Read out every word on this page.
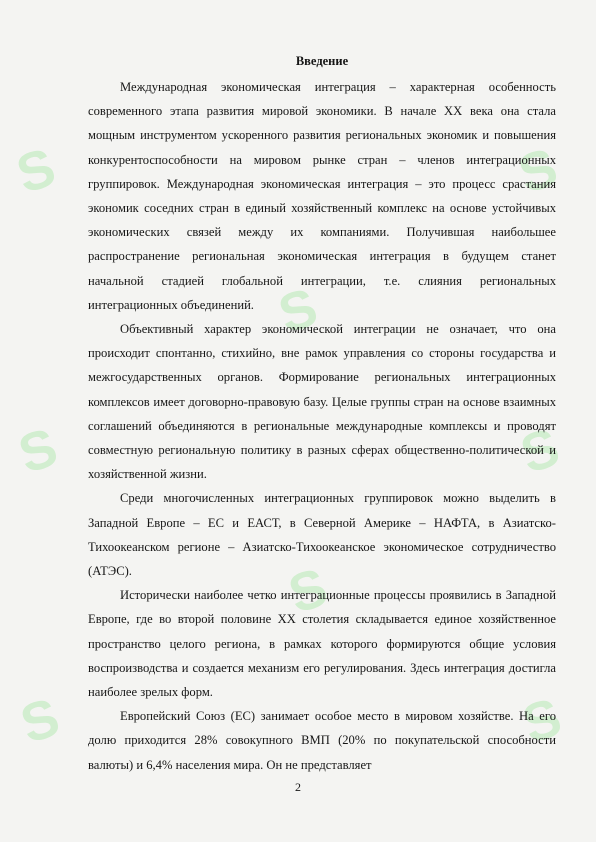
Ѕ
Ѕ
Ѕ
Ѕ
Ѕ
Ѕ
Ѕ
Ѕ

Введение

Международная экономическая интеграция – характерная особенность современного этапа развития мировой экономики. В начале XX века она стала мощным инструментом ускоренного развития региональных экономик и повышения конкурентоспособности на мировом рынке стран – членов интеграционных группировок. Международная экономическая интеграция – это процесс срастания экономик соседних стран в единый хозяйственный комплекс на основе устойчивых экономических связей между их компаниями. Получившая наибольшее распространение региональная экономическая интеграция в будущем станет начальной стадией глобальной интеграции, т.е. слияния региональных интеграционных объединений.

Объективный характер экономической интеграции не означает, что она происходит спонтанно, стихийно, вне рамок управления со стороны государства и межгосударственных органов. Формирование региональных интеграционных комплексов имеет договорно-правовую базу. Целые группы стран на основе взаимных соглашений объединяются в региональные международные комплексы и проводят совместную региональную политику в разных сферах общественно-политической и хозяйственной жизни.

Среди многочисленных интеграционных группировок можно выделить в Западной Европе – ЕС и ЕАСТ, в Северной Америке – НАФТА, в Азиатско-Тихоокеанском регионе – Азиатско-Тихоокеанское экономическое сотрудничество (АТЭС).

Исторически наиболее четко интеграционные процессы проявились в Западной Европе, где во второй половине XX столетия складывается единое хозяйственное пространство целого региона, в рамках которого формируются общие условия воспроизводства и создается механизм его регулирования. Здесь интеграция достигла наиболее зрелых форм.

Европейский Союз (ЕС) занимает особое место в мировом хозяйстве. На его долю приходится 28% совокупного ВМП (20% по покупательской способности валюты) и 6,4% населения мира. Он не представляет

2
